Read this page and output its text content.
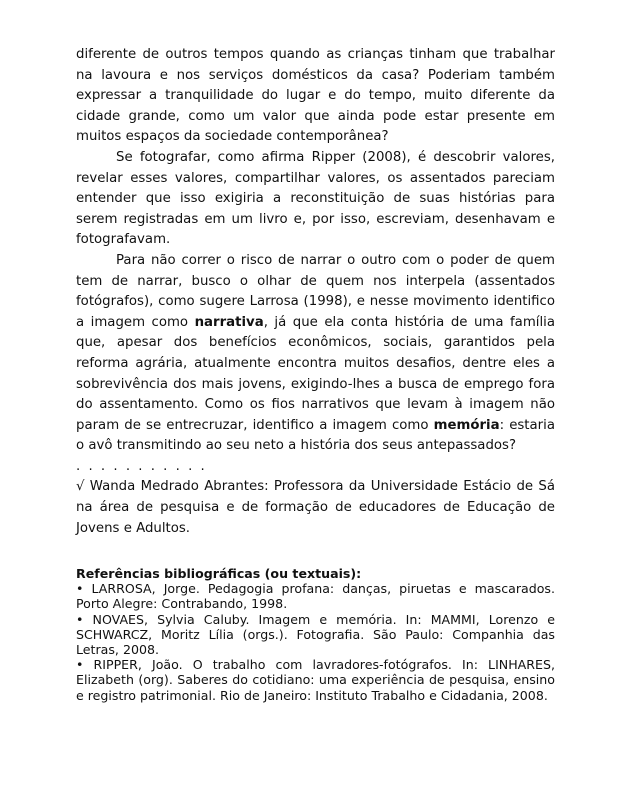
diferente de outros tempos quando as crianças tinham que trabalhar na lavoura e nos serviços domésticos da casa? Poderiam também expressar a tranquilidade do lugar e do tempo, muito diferente da cidade grande, como um valor que ainda pode estar presente em muitos espaços da sociedade contemporânea?

Se fotografar, como afirma Ripper (2008), é descobrir valores, revelar esses valores, compartilhar valores, os assentados pareciam entender que isso exigiria a reconstituição de suas histórias para serem registradas em um livro e, por isso, escreviam, desenhavam e fotografavam.

Para não correr o risco de narrar o outro com o poder de quem tem de narrar, busco o olhar de quem nos interpela (assentados fotógrafos), como sugere Larrosa (1998), e nesse movimento identifico a imagem como narrativa, já que ela conta história de uma família que, apesar dos benefícios econômicos, sociais, garantidos pela reforma agrária, atualmente encontra muitos desafios, dentre eles a sobrevivência dos mais jovens, exigindo-lhes a busca de emprego fora do assentamento. Como os fios narrativos que levam à imagem não param de se entrecruzar, identifico a imagem como memória: estaria o avô transmitindo ao seu neto a história dos seus antepassados?

. . . . . . . . . . .

√ Wanda Medrado Abrantes: Professora da Universidade Estácio de Sá na área de pesquisa e de formação de educadores de Educação de Jovens e Adultos.

Referências bibliográficas (ou textuais):

• LARROSA, Jorge. Pedagogia profana: danças, piruetas e mascarados. Porto Alegre: Contrabando, 1998.

• NOVAES, Sylvia Caluby. Imagem e memória. In: MAMMI, Lorenzo e SCHWARCZ, Moritz Lília (orgs.). Fotografia. São Paulo: Companhia das Letras, 2008.

• RIPPER, João. O trabalho com lavradores-fotógrafos. In: LINHARES, Elizabeth (org). Saberes do cotidiano: uma experiência de pesquisa, ensino e registro patrimonial. Rio de Janeiro: Instituto Trabalho e Cidadania, 2008.
